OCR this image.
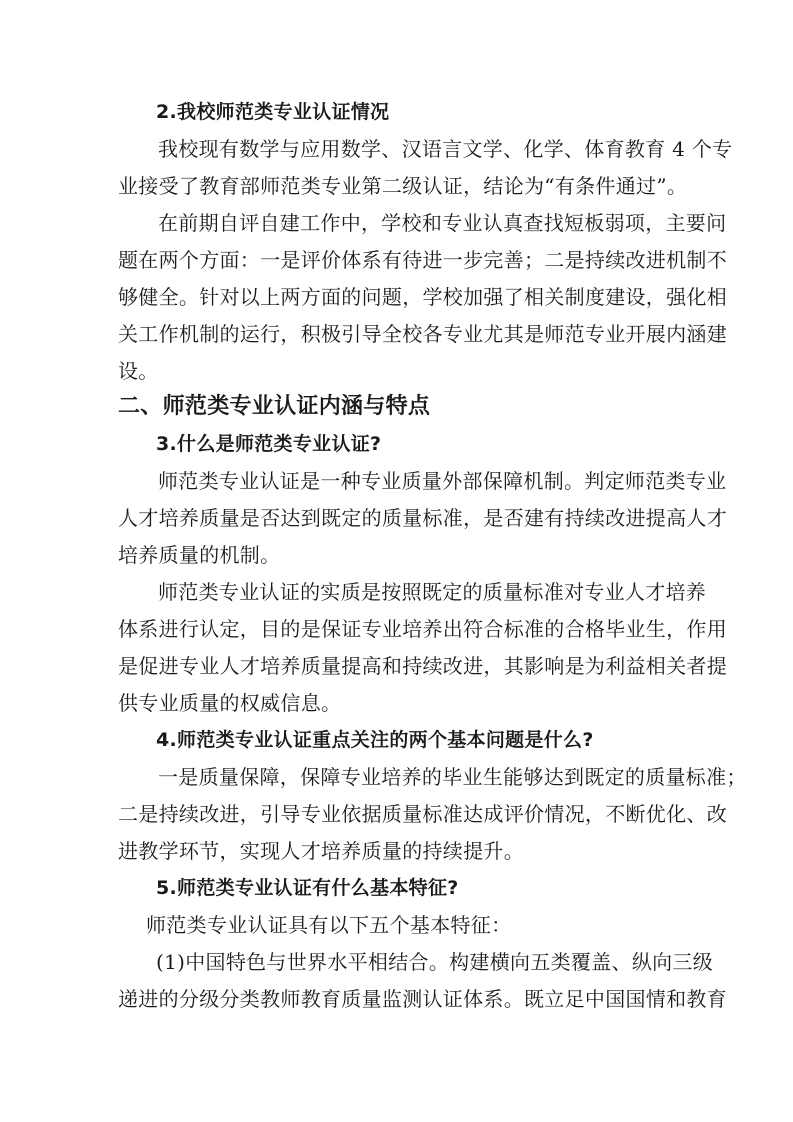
2.我校师范类专业认证情况
我校现有数学与应用数学、汉语言文学、化学、体育教育 4 个专
业接受了教育部师范类专业第二级认证，结论为“有条件通过”。
在前期自评自建工作中，学校和专业认真查找短板弱项，主要问
题在两个方面：一是评价体系有待进一步完善；二是持续改进机制不
够健全。针对以上两方面的问题，学校加强了相关制度建设，强化相
关工作机制的运行，积极引导全校各专业尤其是师范专业开展内涵建
设。
二、师范类专业认证内涵与特点
3.什么是师范类专业认证?
师范类专业认证是一种专业质量外部保障机制。判定师范类专业
人才培养质量是否达到既定的质量标准，是否建有持续改进提高人才
培养质量的机制。
师范类专业认证的实质是按照既定的质量标准对专业人才培养
体系进行认定，目的是保证专业培养出符合标准的合格毕业生，作用
是促进专业人才培养质量提高和持续改进，其影响是为利益相关者提
供专业质量的权威信息。
4.师范类专业认证重点关注的两个基本问题是什么?
一是质量保障，保障专业培养的毕业生能够达到既定的质量标准；
二是持续改进，引导专业依据质量标准达成评价情况，不断优化、改
进教学环节，实现人才培养质量的持续提升。
5.师范类专业认证有什么基本特征?
师范类专业认证具有以下五个基本特征：
(1)中国特色与世界水平相结合。构建横向五类覆盖、纵向三级
递进的分级分类教师教育质量监测认证体系。既立足中国国情和教育
